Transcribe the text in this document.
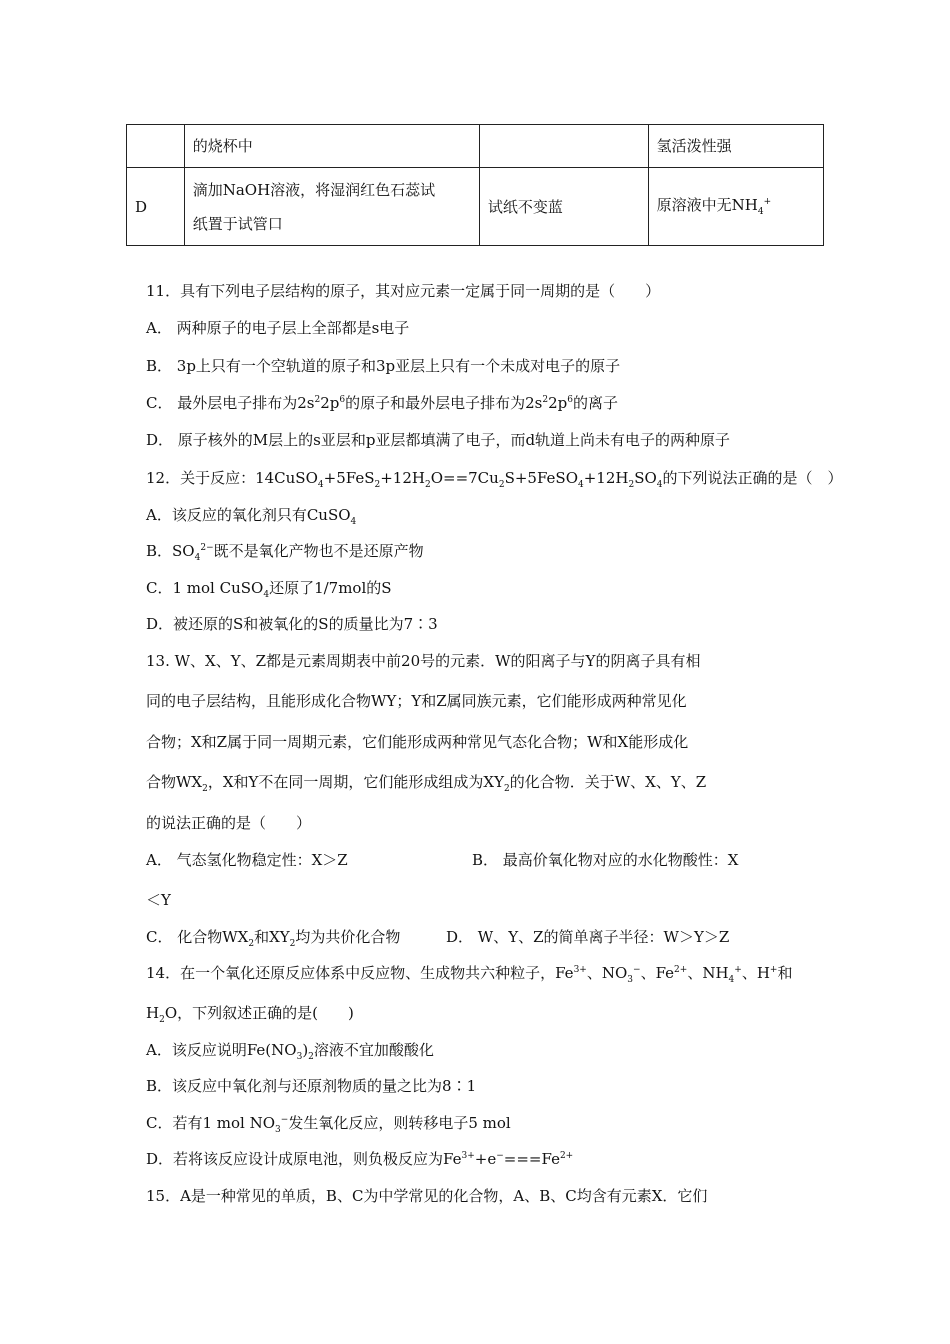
	的烧杯中		氢活泼性强
D	滴加NaOH溶液，将湿润红色石蕊试
纸置于试管口	试纸不变蓝	原溶液中无$NH_4^+$
11．具有下列电子层结构的原子，其对应元素一定属于同一周期的是（　　）
A． 两种原子的电子层上全部都是s电子
B． 3p上只有一个空轨道的原子和3p亚层上只有一个未成对电子的原子
C． 最外层电子排布为$2s^22p^6$的原子和最外层电子排布为$2s^22p^6$的离子
D． 原子核外的M层上的s亚层和p亚层都填满了电子，而d轨道上尚未有电子的两种原子
12．关于反应：$14CuSO_4+5FeS_2+12H_2O==7Cu_2S+5FeSO_4+12H_2SO_4$的下列说法正确的是（　）
A．该反应的氧化剂只有CuSO$_4$
B．$SO_4^{2-}$既不是氧化产物也不是还原产物
C．1 mol CuSO$_4$还原了1/7mol的S
D．被还原的S和被氧化的S的质量比为7∶3
13. W、X、Y、Z都是元素周期表中前20号的元素．W的阳离子与Y的阴离子具有相
同的电子层结构，且能形成化合物WY；Y和Z属同族元素，它们能形成两种常见化
合物；X和Z属于同一周期元素，它们能形成两种常见气态化合物；W和X能形成化
合物$WX_2$，X和Y不在同一周期，它们能形成组成为$XY_2$的化合物．关于W、X、Y、Z
的说法正确的是（　　）
A． 气态氢化物稳定性：X＞Z	B． 最高价氧化物对应的水化物酸性：X
＜Y
C． 化合物$WX_2$和$XY_2$均为共价化合物	D． W、Y、Z的简单离子半径：W＞Y＞Z
14．在一个氧化还原反应体系中反应物、生成物共六种粒子，$Fe^{3+}$、$NO_3^-$、$Fe^{2+}$、$NH_4^+$、H+和
$H_2O$，下列叙述正确的是(　　)
A．该反应说明$Fe(NO_3)_2$溶液不宜加酸酸化
B．该反应中氧化剂与还原剂物质的量之比为8∶1
C．若有1 mol $NO_3^-$发生氧化反应，则转移电子5 mol
D．若将该反应设计成原电池，则负极反应为$Fe^{3+}+e^-===Fe^{2+}$
15．A是一种常见的单质，B、C为中学常见的化合物，A、B、C均含有元素X．它们
